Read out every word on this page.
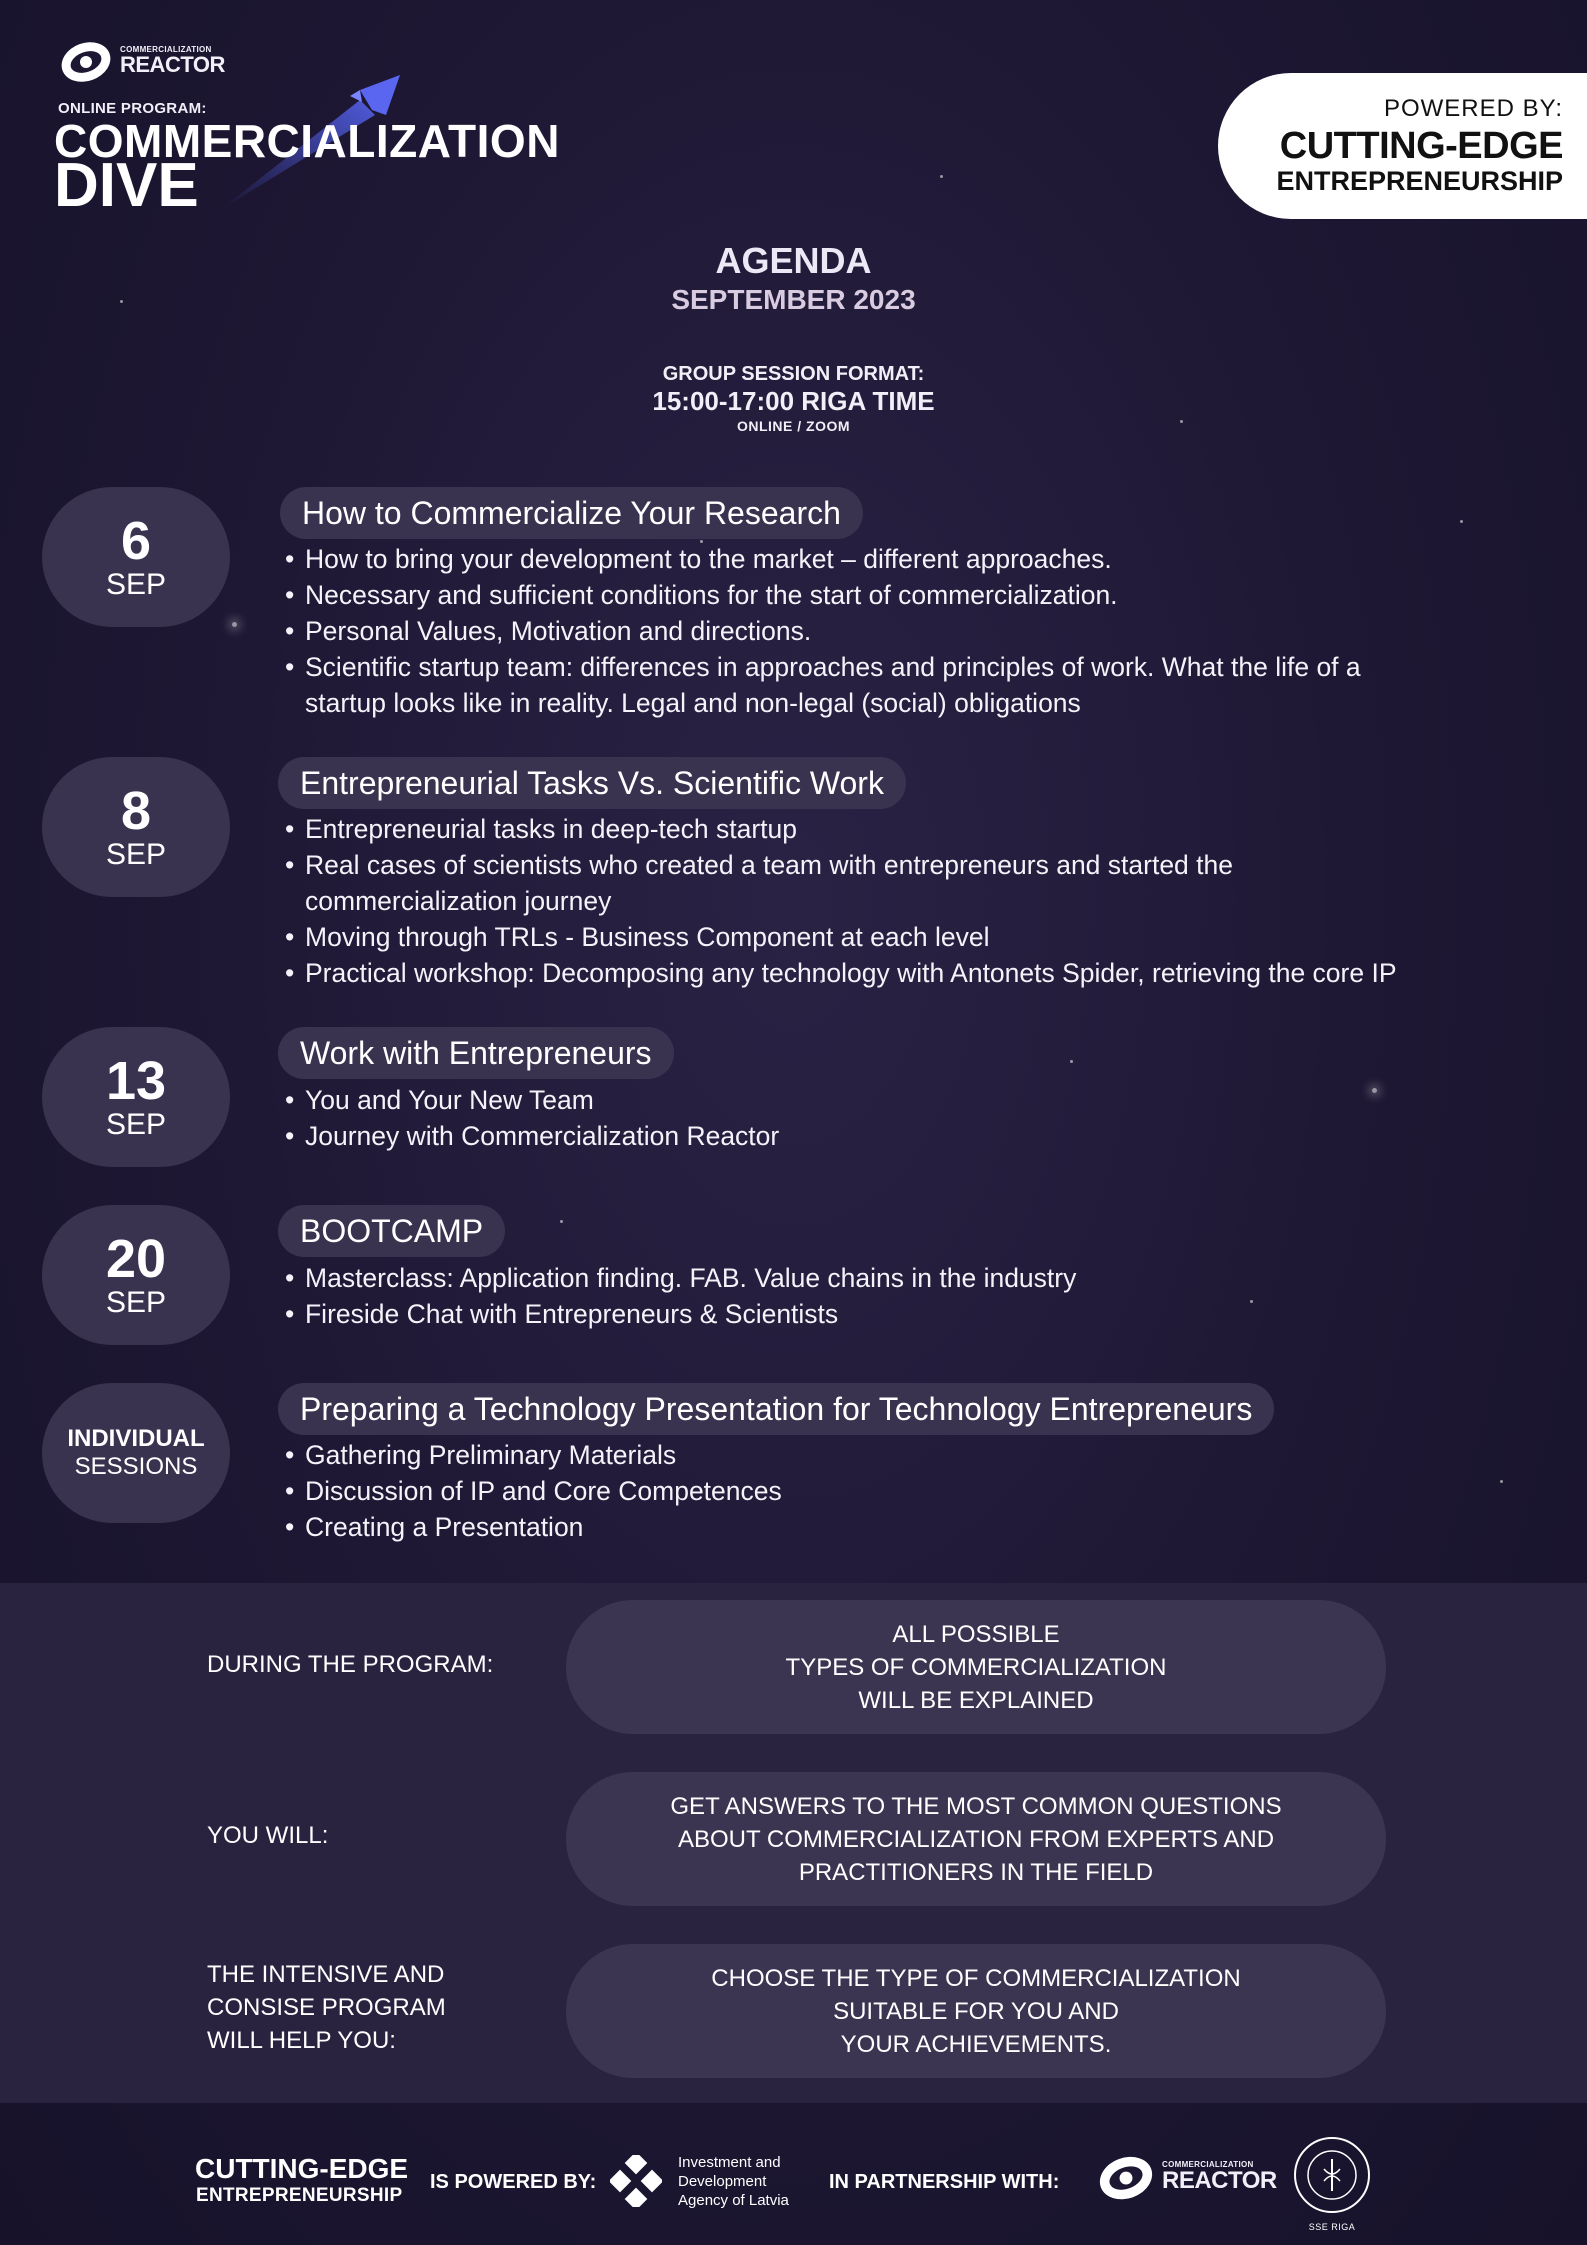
COMMERCIALIZATION
REACTOR
ONLINE PROGRAM:
COMMERCIALIZATION
DIVE
POWERED BY:
CUTTING-EDGE
ENTREPRENEURSHIP
AGENDA
SEPTEMBER 2023
GROUP SESSION FORMAT:
15:00-17:00 RIGA TIME
ONLINE / ZOOM
6
SEP
How to Commercialize Your Research
• How to bring your development to the market – different approaches.
• Necessary and sufficient conditions for the start of commercialization.
• Personal Values, Motivation and directions.
• Scientific startup team: differences in approaches and principles of work. What the life of a
startup looks like in reality. Legal and non-legal (social) obligations
8
SEP
Entrepreneurial Tasks Vs. Scientific Work
• Entrepreneurial tasks in deep-tech startup
• Real cases of scientists who created a team with entrepreneurs and started the
commercialization journey
• Moving through TRLs - Business Component at each level
• Practical workshop: Decomposing any technology with Antonets Spider, retrieving the core IP
13
SEP
Work with Entrepreneurs
• You and Your New Team
• Journey with Commercialization Reactor
20
SEP
BOOTCAMP
• Masterclass: Application finding. FAB. Value chains in the industry
• Fireside Chat with Entrepreneurs & Scientists
INDIVIDUAL
SESSIONS
Preparing a Technology Presentation for Technology Entrepreneurs
• Gathering Preliminary Materials
• Discussion of IP and Core Competences
• Creating a Presentation
DURING THE PROGRAM:
ALL POSSIBLE
TYPES OF COMMERCIALIZATION
WILL BE EXPLAINED
YOU WILL:
GET ANSWERS TO THE MOST COMMON QUESTIONS
ABOUT COMMERCIALIZATION FROM EXPERTS AND
PRACTITIONERS IN THE FIELD
THE INTENSIVE AND
CONSISE PROGRAM
WILL HELP YOU:
CHOOSE THE TYPE OF COMMERCIALIZATION
SUITABLE FOR YOU AND
YOUR ACHIEVEMENTS.
CUTTING-EDGE
ENTREPRENEURSHIP
IS POWERED BY:
Investment and
Development
Agency of Latvia
IN PARTNERSHIP WITH:
COMMERCIALIZATION
REACTOR
SSE RIGA
